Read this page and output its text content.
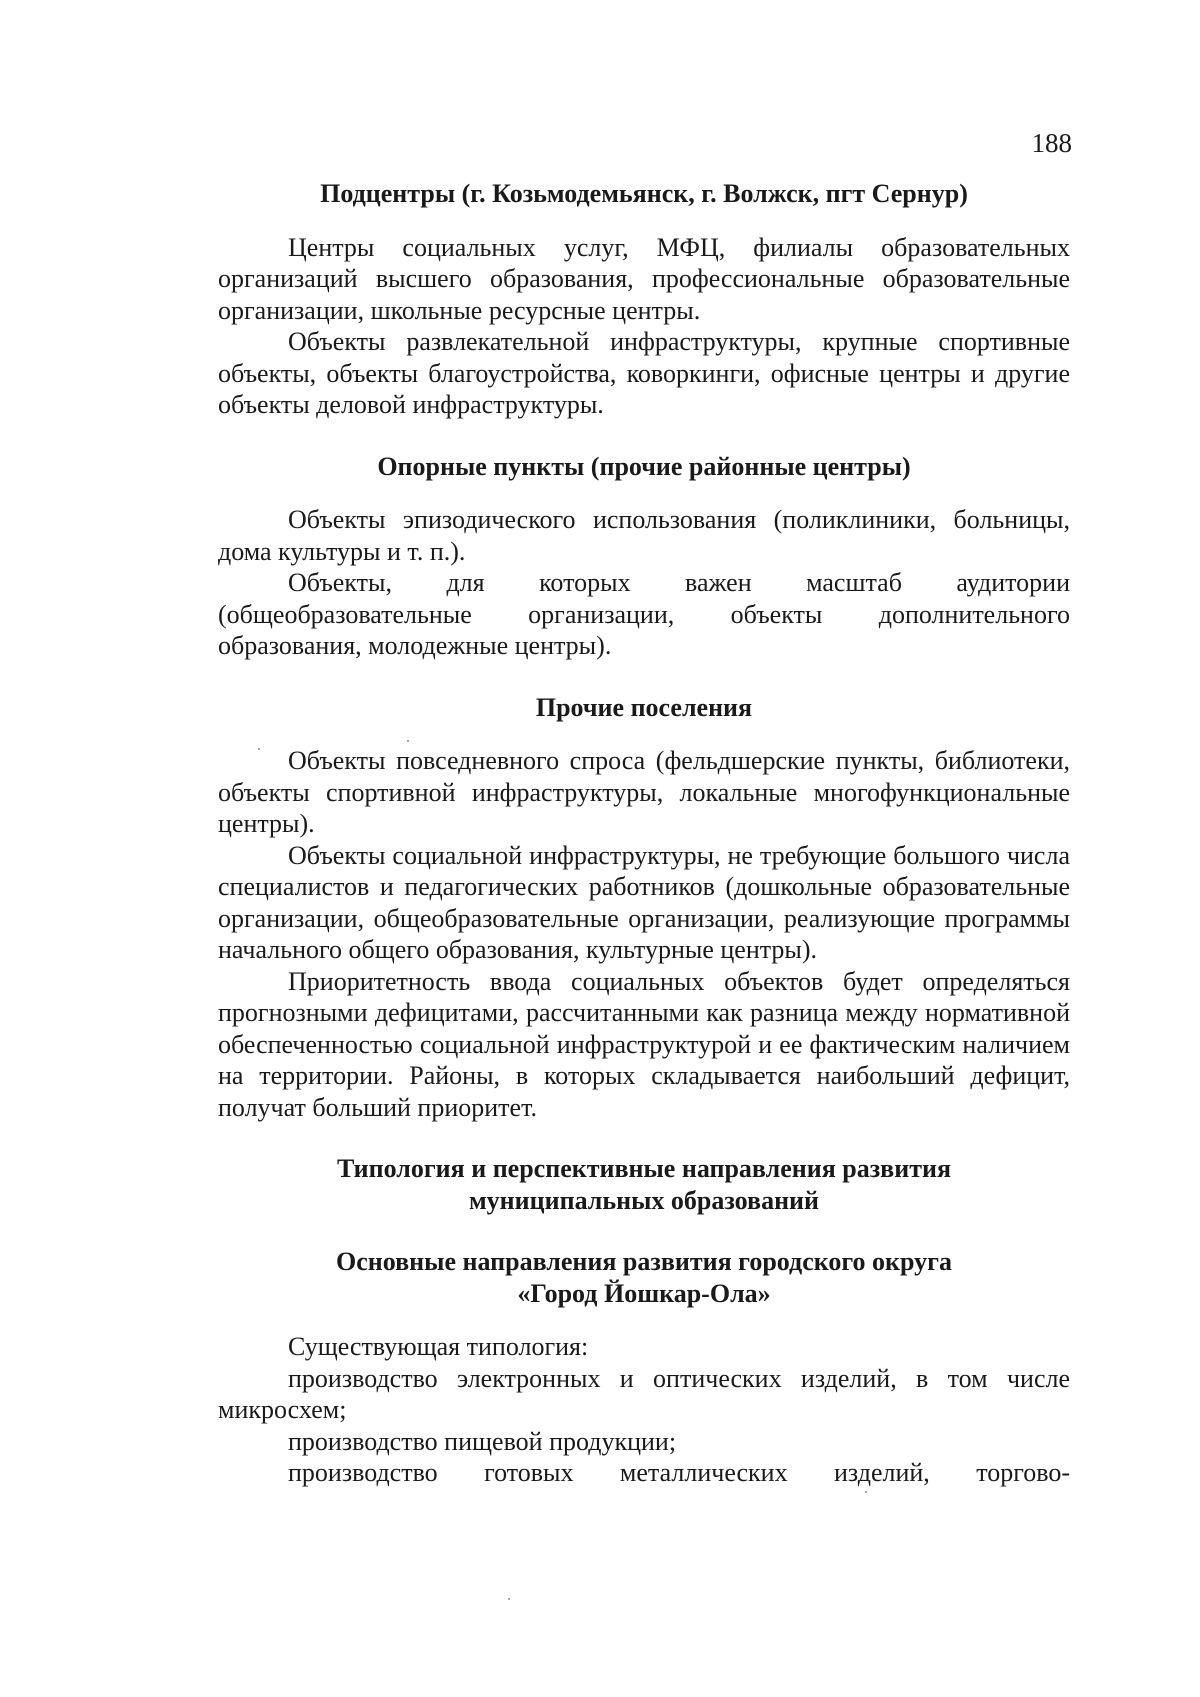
188

Подцентры (г. Козьмодемьянск, г. Волжск, пгт Сернур)

Центры социальных услуг, МФЦ, филиалы образовательных организаций высшего образования, профессиональные образовательные организации, школьные ресурсные центры.

Объекты развлекательной инфраструктуры, крупные спортивные объекты, объекты благоустройства, коворкинги, офисные центры и другие объекты деловой инфраструктуры.

Опорные пункты (прочие районные центры)

Объекты эпизодического использования (поликлиники, больницы, дома культуры и т. п.).

Объекты, для которых важен масштаб аудитории (общеобразовательные организации, объекты дополнительного образования, молодежные центры).

Прочие поселения

Объекты повседневного спроса (фельдшерские пункты, библиотеки, объекты спортивной инфраструктуры, локальные многофункциональные центры).

Объекты социальной инфраструктуры, не требующие большого числа специалистов и педагогических работников (дошкольные образовательные организации, общеобразовательные организации, реализующие программы начального общего образования, культурные центры).

Приоритетность ввода социальных объектов будет определяться прогнозными дефицитами, рассчитанными как разница между нормативной обеспеченностью социальной инфраструктурой и ее фактическим наличием на территории. Районы, в которых складывается наибольший дефицит, получат больший приоритет.

Типология и перспективные направления развития

муниципальных образований

Основные направления развития городского округа

«Город Йошкар-Ола»

Существующая типология:

производство электронных и оптических изделий, в том числе микросхем;

производство пищевой продукции;

производство готовых металлических изделий, торгово-
